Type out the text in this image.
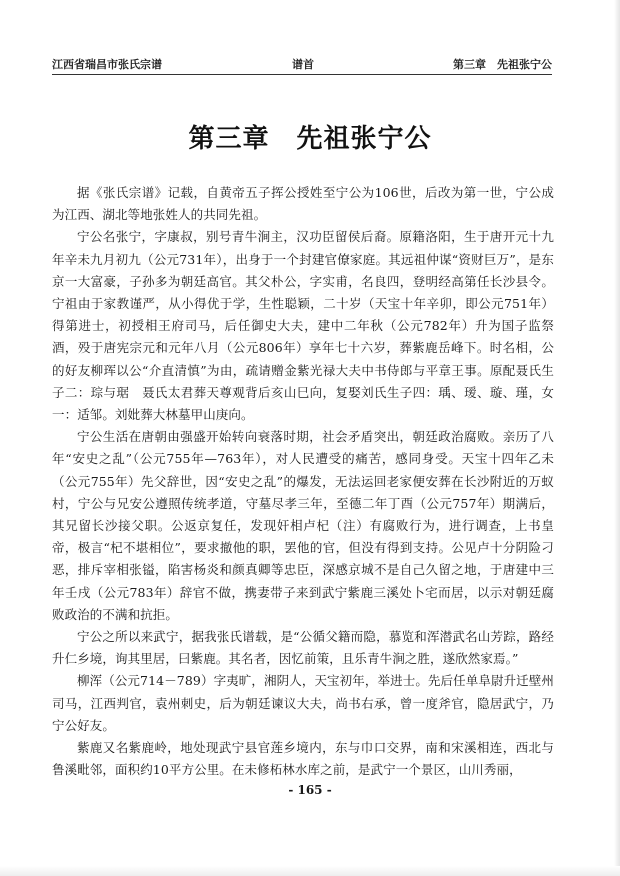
江西省瑞昌市张氏宗谱	谱首	第三章　先祖张宁公
第三章　先祖张宁公

据《张氏宗谱》记载，自黄帝五子挥公授姓至宁公为106世，后改为第一世，宁公成为江西、湖北等地张姓人的共同先祖。

宁公名张宁，字康叔，别号青牛涧主，汉功臣留侯后裔。原籍洛阳，生于唐开元十九年辛未九月初九（公元731年），出身于一个封建官僚家庭。其远祖仲谋“资财巨万”，是东京一大富豪，子孙多为朝廷高官。其父朴公，字实甫，名良四，登明经高第任长沙县令。宁祖由于家教谨严，从小得优于学，生性聪颖，二十岁（天宝十年辛卯，即公元751年）得第进士，初授相王府司马，后任御史大夫，建中二年秋（公元782年）升为国子监祭酒，殁于唐宪宗元和元年八月（公元806年）享年七十六岁，葬紫鹿岳峰下。时名相，公的好友柳珲以公“介直清慎”为由，疏请赠金紫光禄大夫中书侍郎与平章王事。原配聂氏生子二：琮与琚　聂氏太君葬天尊观背后亥山巳向，复娶刘氏生子四：瑀、瑷、璇、瑾，女一：适邹。刘妣葬大林墓甲山庚向。

宁公生活在唐朝由强盛开始转向衰落时期，社会矛盾突出，朝廷政治腐败。亲历了八年“安史之乱”（公元755年—763年），对人民遭受的痛苦，感同身受。天宝十四年乙未（公元755年）先父辞世，因“安史之乱”的爆发，无法运回老家便安葬在长沙附近的万蚁村，宁公与兄安公遵照传统孝道，守墓尽孝三年，至德二年丁酉（公元757年）期满后，其兄留长沙接父职。公返京复任，发现奸相卢杞（注）有腐败行为，进行调查，上书皇帝，极言“杞不堪相位”，要求撤他的职，罢他的官，但没有得到支持。公见卢十分阴险刁恶，排斥宰相张镒，陷害杨炎和颜真卿等忠臣，深感京城不是自己久留之地，于唐建中三年壬戌（公元783年）辞官不做，携妻带子来到武宁紫鹿三溪处卜宅而居，以示对朝廷腐败政治的不满和抗拒。

宁公之所以来武宁，据我张氏谱载，是“公循父籍而隐，慕览和浑潜武名山芳踪，路经升仁乡境，询其里居，曰紫鹿。其名者，因忆前策，且乐青牛涧之胜，遂欣然家焉。”

柳浑（公元714－789）字夷旷，湘阴人，天宝初年，举进士。先后任单阜尉升迁壁州司马，江西判官，袁州刺史，后为朝廷谏议大夫，尚书右承，曾一度斧官，隐居武宁，乃宁公好友。

紫鹿又名紫鹿岭，地处现武宁县官莲乡境内，东与巾口交界，南和宋溪相连，西北与鲁溪毗邻，面积约10平方公里。在未修柘林水库之前，是武宁一个景区，山川秀丽，

- 165 -
